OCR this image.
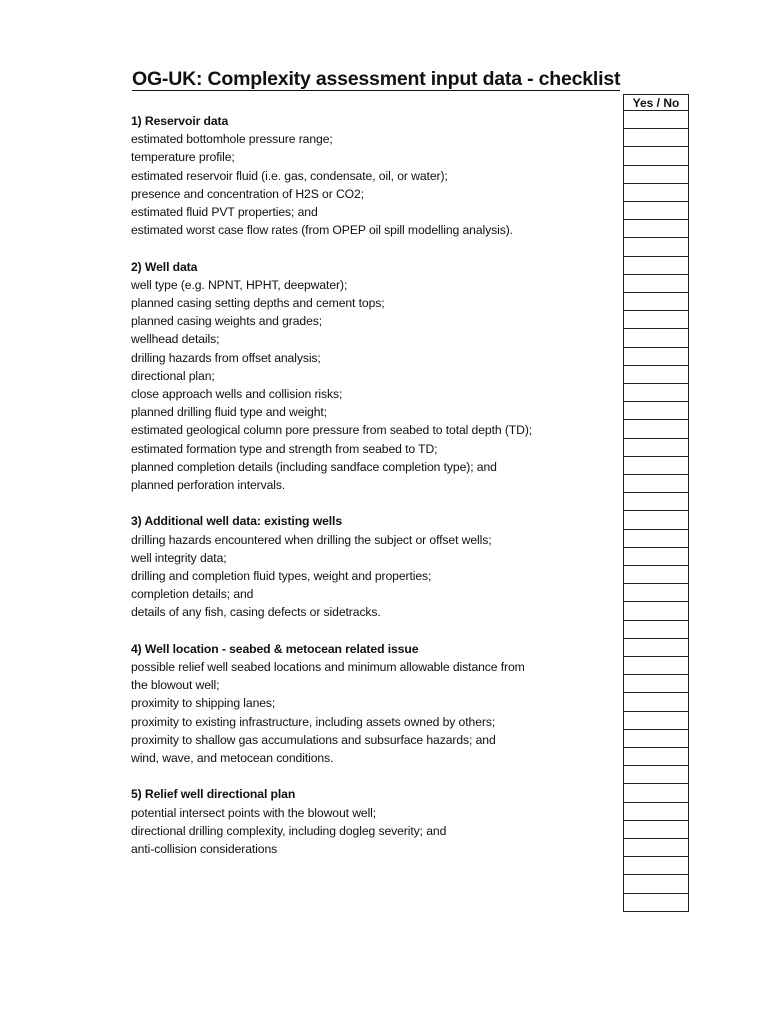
OG-UK: Complexity assessment input data - checklist
Yes / No
1) Reservoir data
estimated bottomhole pressure range;
temperature profile;
estimated reservoir fluid (i.e. gas, condensate, oil, or water);
presence and concentration of H2S or CO2;
estimated fluid PVT properties; and
estimated worst case flow rates (from OPEP oil spill modelling analysis).
2) Well data
well type (e.g. NPNT, HPHT, deepwater);
planned casing setting depths and cement tops;
planned casing weights and grades;
wellhead details;
drilling hazards from offset analysis;
directional plan;
close approach wells and collision risks;
planned drilling fluid type and weight;
estimated geological column pore pressure from seabed to total depth (TD);
estimated formation type and strength from seabed to TD;
planned completion details (including sandface completion type); and
planned perforation intervals.
3) Additional well data: existing wells
drilling hazards encountered when drilling the subject or offset wells;
well integrity data;
drilling and completion fluid types, weight and properties;
completion details; and
details of any fish, casing defects or sidetracks.
4) Well location - seabed & metocean related issue
possible relief well seabed locations and minimum allowable distance from
the blowout well;
proximity to shipping lanes;
proximity to existing infrastructure, including assets owned by others;
proximity to shallow gas accumulations and subsurface hazards; and
wind, wave, and metocean conditions.
5) Relief well directional plan
potential intersect points with the blowout well;
directional drilling complexity, including dogleg severity; and
anti-collision considerations
